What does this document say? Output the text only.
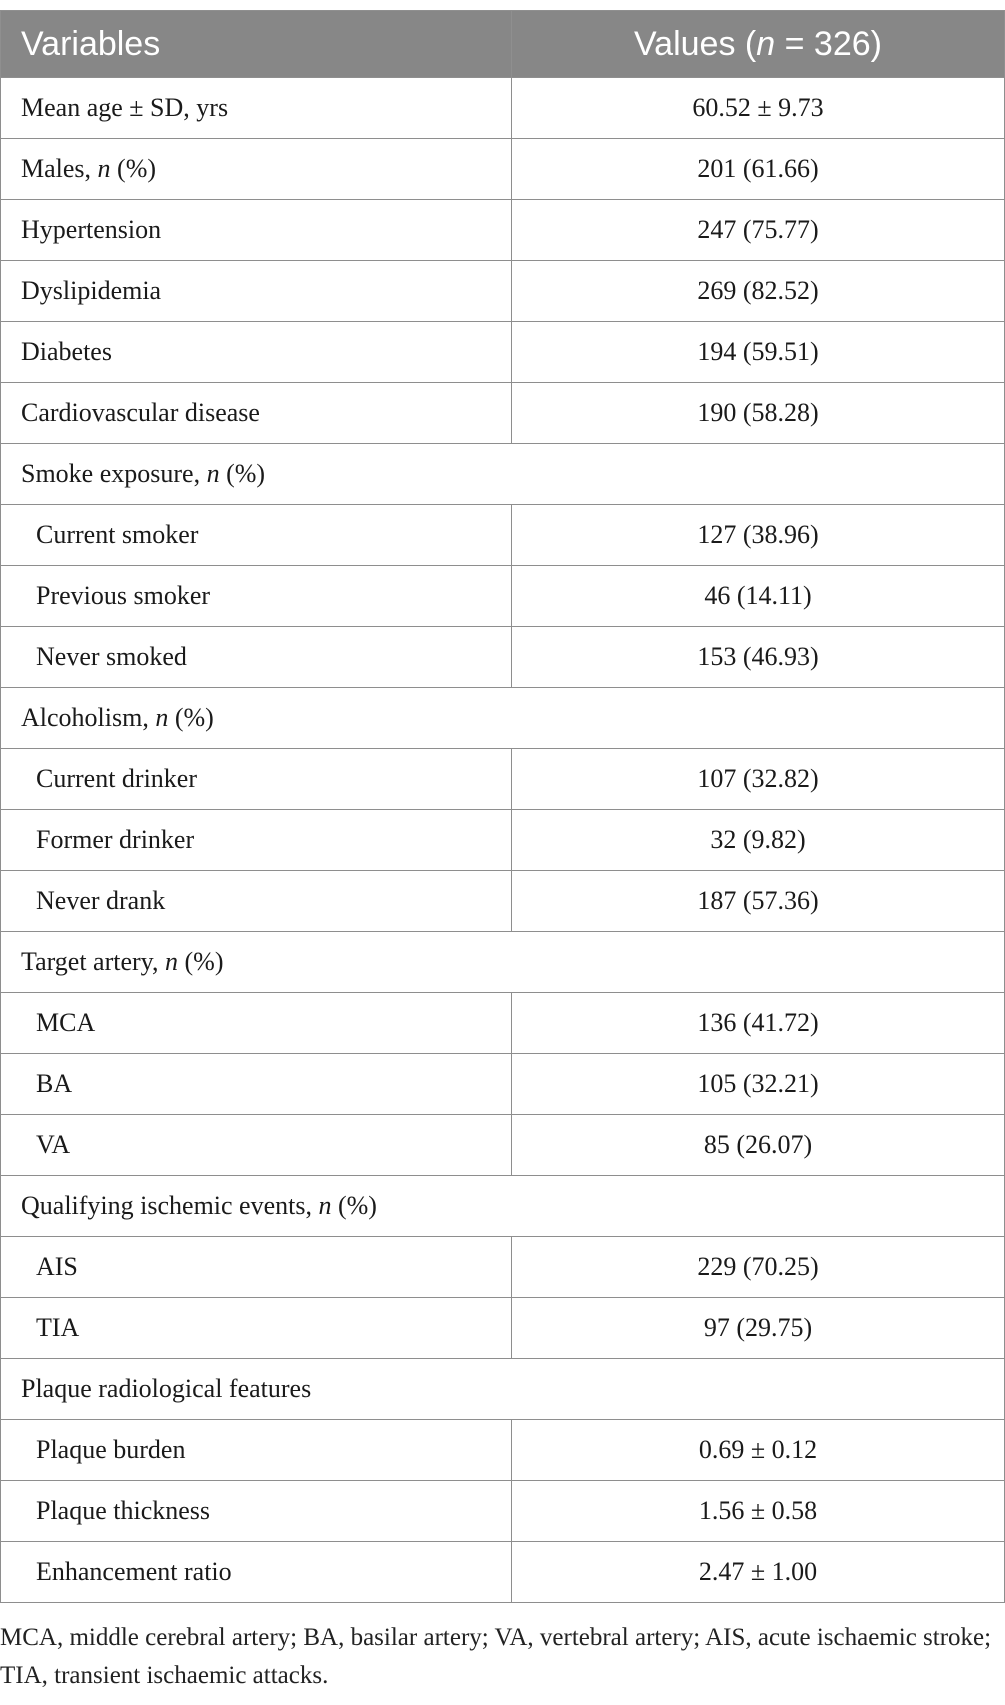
Variables	Values (n = 326)
Mean age ± SD, yrs	60.52 ± 9.73
Males, n (%)	201 (61.66)
Hypertension	247 (75.77)
Dyslipidemia	269 (82.52)
Diabetes	194 (59.51)
Cardiovascular disease	190 (58.28)
Smoke exposure, n (%)	
Current smoker	127 (38.96)
Previous smoker	46 (14.11)
Never smoked	153 (46.93)
Alcoholism, n (%)	
Current drinker	107 (32.82)
Former drinker	32 (9.82)
Never drank	187 (57.36)
Target artery, n (%)	
MCA	136 (41.72)
BA	105 (32.21)
VA	85 (26.07)
Qualifying ischemic events, n (%)	
AIS	229 (70.25)
TIA	97 (29.75)
Plaque radiological features	
Plaque burden	0.69 ± 0.12
Plaque thickness	1.56 ± 0.58
Enhancement ratio	2.47 ± 1.00
MCA, middle cerebral artery; BA, basilar artery; VA, vertebral artery; AIS, acute ischaemic stroke; TIA, transient ischaemic attacks.
